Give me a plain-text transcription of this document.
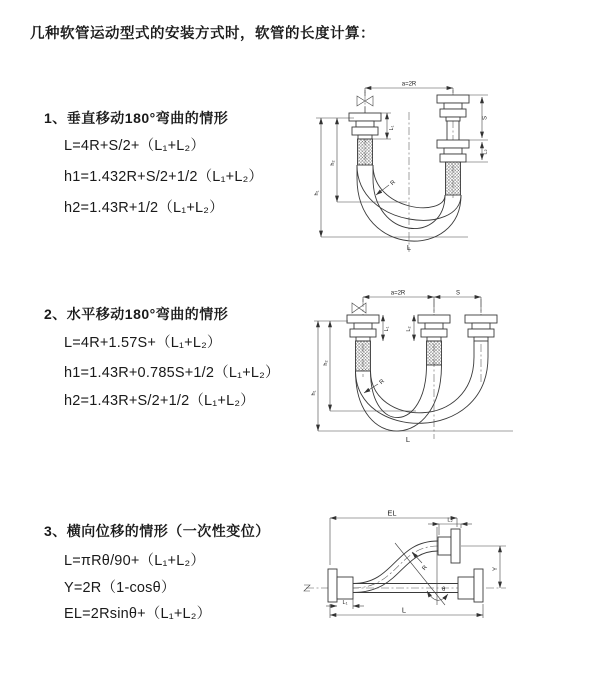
几种软管运动型式的安装方式时，软管的长度计算：
1、垂直移动180°弯曲的情形
L=4R+S/2+（L₁+L₂）
h1=1.432R+S/2+1/2（L₁+L₂）
h2=1.43R+1/2（L₁+L₂）
2、水平移动180°弯曲的情形
L=4R+1.57S+（L₁+L₂）
h1=1.43R+0.785S+1/2（L₁+L₂）
h2=1.43R+S/2+1/2（L₁+L₂）
3、横向位移的情形（一次性变位）
L=πRθ/90+（L₁+L₂）
Y=2R（1-cosθ）
EL=2Rsinθ+（L₁+L₂）
a=2R
L₁
S
L₂
h₂
h₁
R
L
a=2R	S
L₁	L₂
h₂
h₁
R
L
θ
EL
L₂
Y
L
L₁
R
